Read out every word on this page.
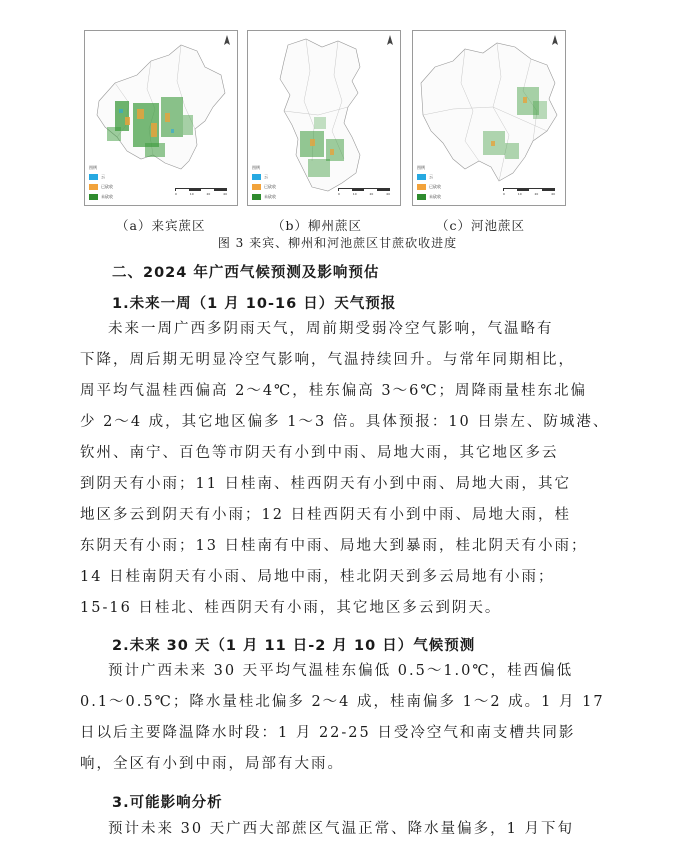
图例
云
已砍收
未砍收	0	10	20	40
图例
云
已砍收
未砍收	0	10	20	40
图例
云
已砍收
未砍收	0	10	20	40
（a）来宾蔗区	（b）柳州蔗区	（c）河池蔗区
图 3 来宾、柳州和河池蔗区甘蔗砍收进度
二、2024 年广西气候预测及影响预估
1.未来一周（1 月 10-16 日）天气预报
未来一周广西多阴雨天气，周前期受弱冷空气影响，气温略有
下降，周后期无明显冷空气影响，气温持续回升。与常年同期相比，
周平均气温桂西偏高 2～4℃，桂东偏高 3～6℃；周降雨量桂东北偏
少 2～4 成，其它地区偏多 1～3 倍。具体预报：10 日崇左、防城港、
钦州、南宁、百色等市阴天有小到中雨、局地大雨，其它地区多云
到阴天有小雨；11 日桂南、桂西阴天有小到中雨、局地大雨，其它
地区多云到阴天有小雨；12 日桂西阴天有小到中雨、局地大雨，桂
东阴天有小雨；13 日桂南有中雨、局地大到暴雨，桂北阴天有小雨；
14 日桂南阴天有小雨、局地中雨，桂北阴天到多云局地有小雨；
15-16 日桂北、桂西阴天有小雨，其它地区多云到阴天。
2.未来 30 天（1 月 11 日-2 月 10 日）气候预测
预计广西未来 30 天平均气温桂东偏低 0.5～1.0℃，桂西偏低
0.1～0.5℃；降水量桂北偏多 2～4 成，桂南偏多 1～2 成。1 月 17
日以后主要降温降水时段：1 月 22-25 日受冷空气和南支槽共同影
响，全区有小到中雨，局部有大雨。
3.可能影响分析
预计未来 30 天广西大部蔗区气温正常、降水量偏多，1 月下旬
